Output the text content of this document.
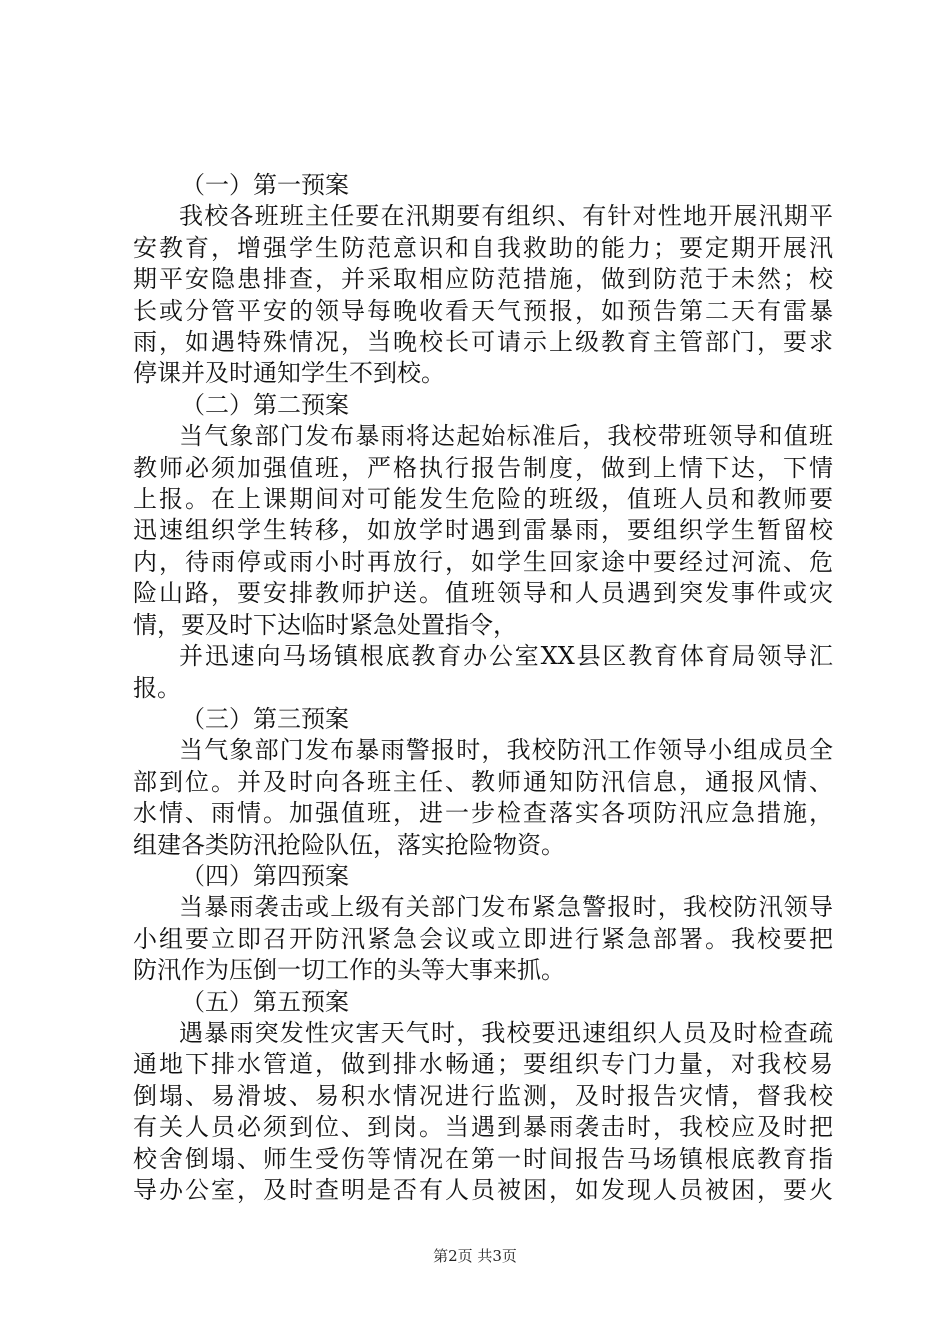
（一）第一预案
我校各班班主任要在汛期要有组织、有针对性地开展汛期平
安教育，增强学生防范意识和自我救助的能力；要定期开展汛
期平安隐患排查，并采取相应防范措施，做到防范于未然；校
长或分管平安的领导每晚收看天气预报，如预告第二天有雷暴
雨，如遇特殊情况，当晚校长可请示上级教育主管部门，要求
停课并及时通知学生不到校。
（二）第二预案
当气象部门发布暴雨将达起始标准后，我校带班领导和值班
教师必须加强值班，严格执行报告制度，做到上情下达，下情
上报。在上课期间对可能发生危险的班级，值班人员和教师要
迅速组织学生转移，如放学时遇到雷暴雨，要组织学生暂留校
内，待雨停或雨小时再放行，如学生回家途中要经过河流、危
险山路，要安排教师护送。值班领导和人员遇到突发事件或灾
情，要及时下达临时紧急处置指令，
并迅速向马场镇根底教育办公室XX县区教育体育局领导汇
报。
（三）第三预案
当气象部门发布暴雨警报时，我校防汛工作领导小组成员全
部到位。并及时向各班主任、教师通知防汛信息，通报风情、
水情、雨情。加强值班，进一步检查落实各项防汛应急措施，
组建各类防汛抢险队伍，落实抢险物资。
（四）第四预案
当暴雨袭击或上级有关部门发布紧急警报时，我校防汛领导
小组要立即召开防汛紧急会议或立即进行紧急部署。我校要把
防汛作为压倒一切工作的头等大事来抓。
（五）第五预案
遇暴雨突发性灾害天气时，我校要迅速组织人员及时检查疏
通地下排水管道，做到排水畅通；要组织专门力量，对我校易
倒塌、易滑坡、易积水情况进行监测，及时报告灾情，督我校
有关人员必须到位、到岗。当遇到暴雨袭击时，我校应及时把
校舍倒塌、师生受伤等情况在第一时间报告马场镇根底教育指
导办公室，及时查明是否有人员被困，如发现人员被困，要火
第2页 共3页
